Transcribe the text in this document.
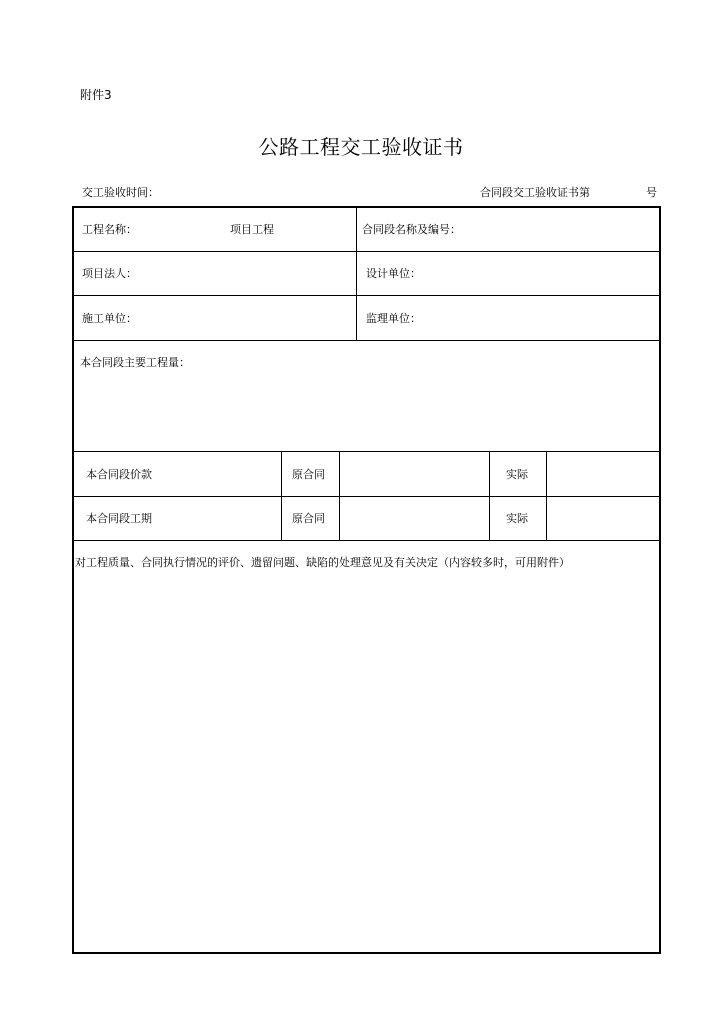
附件3
公路工程交工验收证书
交工验收时间：	合同段交工验收证书第	号
工程名称：	项目工程	合同段名称及编号：
项目法人：	设计单位：
施工单位：	监理单位：
本合同段主要工程量：
本合同段价款	原合同	实际
本合同段工期	原合同	实际
对工程质量、合同执行情况的评价、遗留问题、缺陷的处理意见及有关决定（内容较多时，可用附件）
